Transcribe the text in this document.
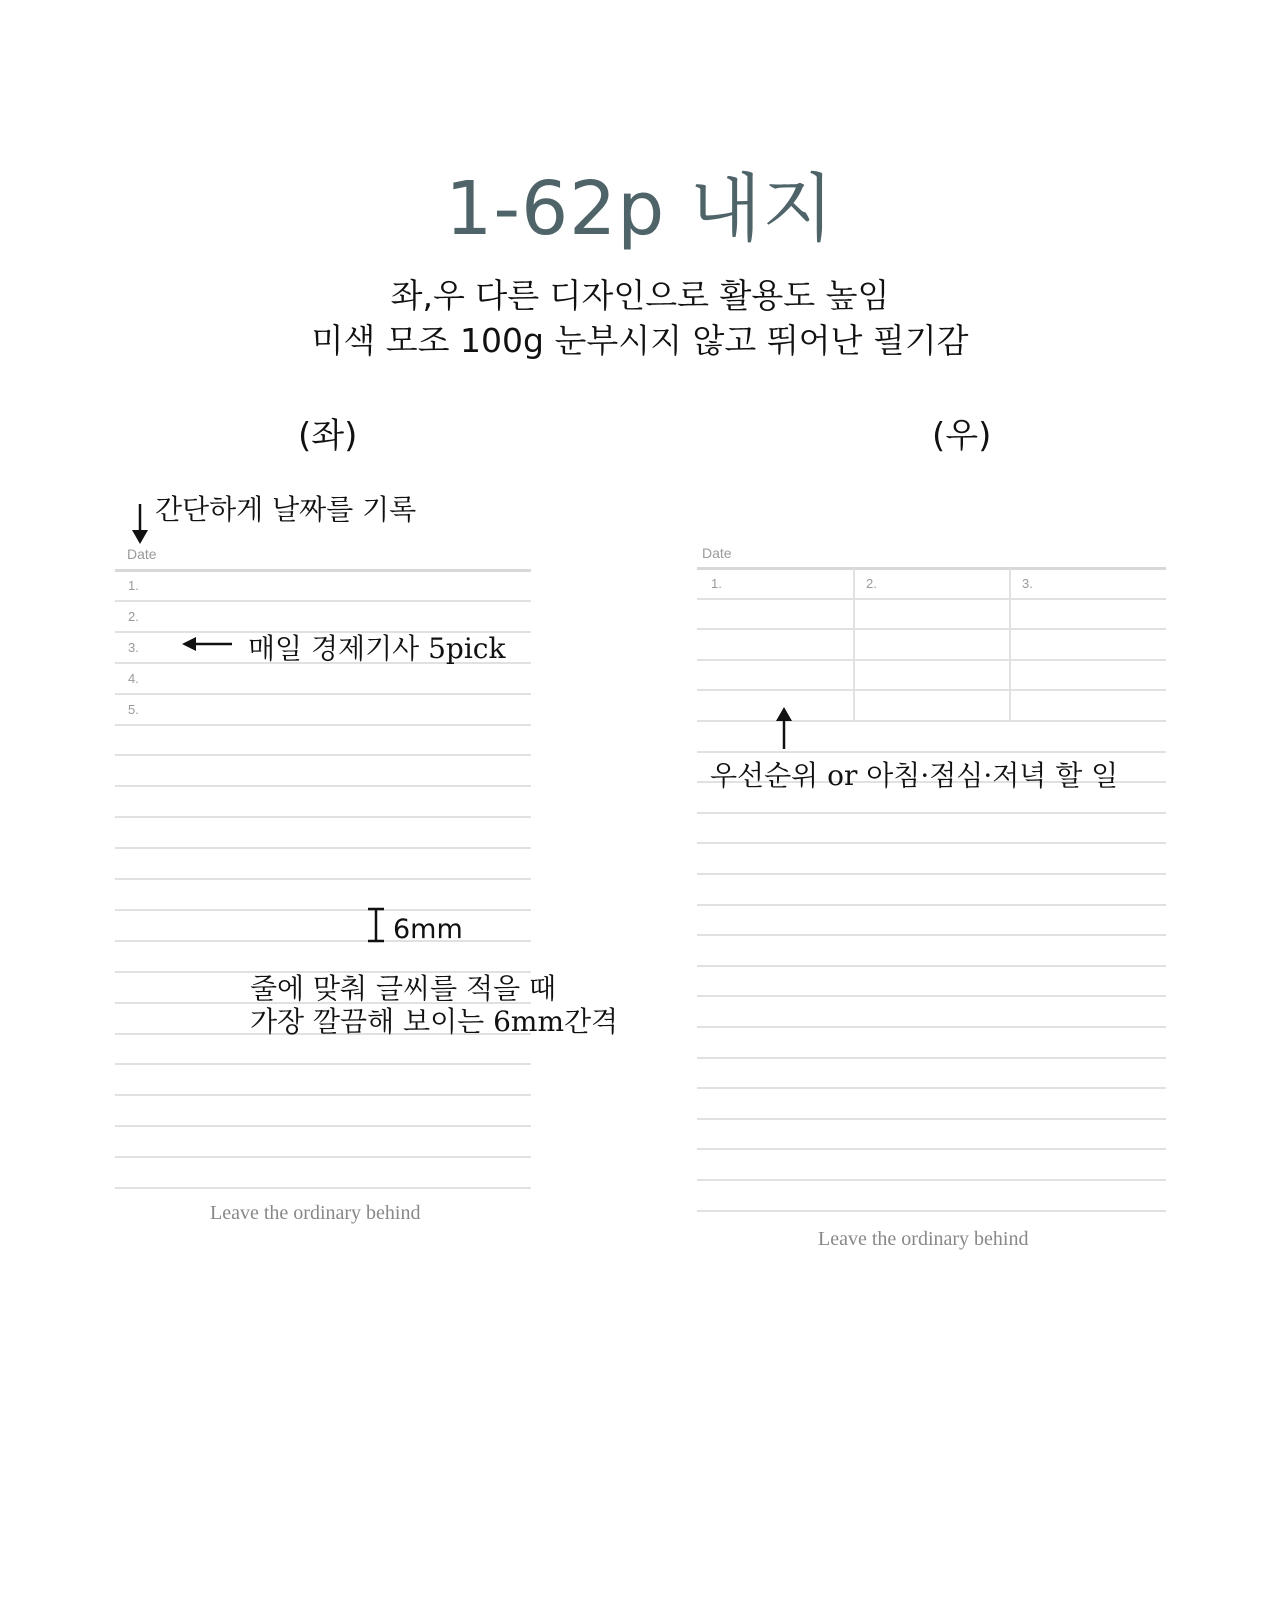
1-62p 내지
좌,우 다른 디자인으로 활용도 높임
미색 모조 100g 눈부시지 않고 뛰어난 필기감
(좌)
Date
1.
2.
3.
4.
5.
Leave the ordinary behind
간단하게 날짜를 기록
매일 경제기사 5pick
6mm
줄에 맞춰 글씨를 적을 때
가장 깔끔해 보이는 6mm간격
(우)
Date
1.	2.	3.
Leave the ordinary behind
우선순위 or 아침·점심·저녁 할 일
